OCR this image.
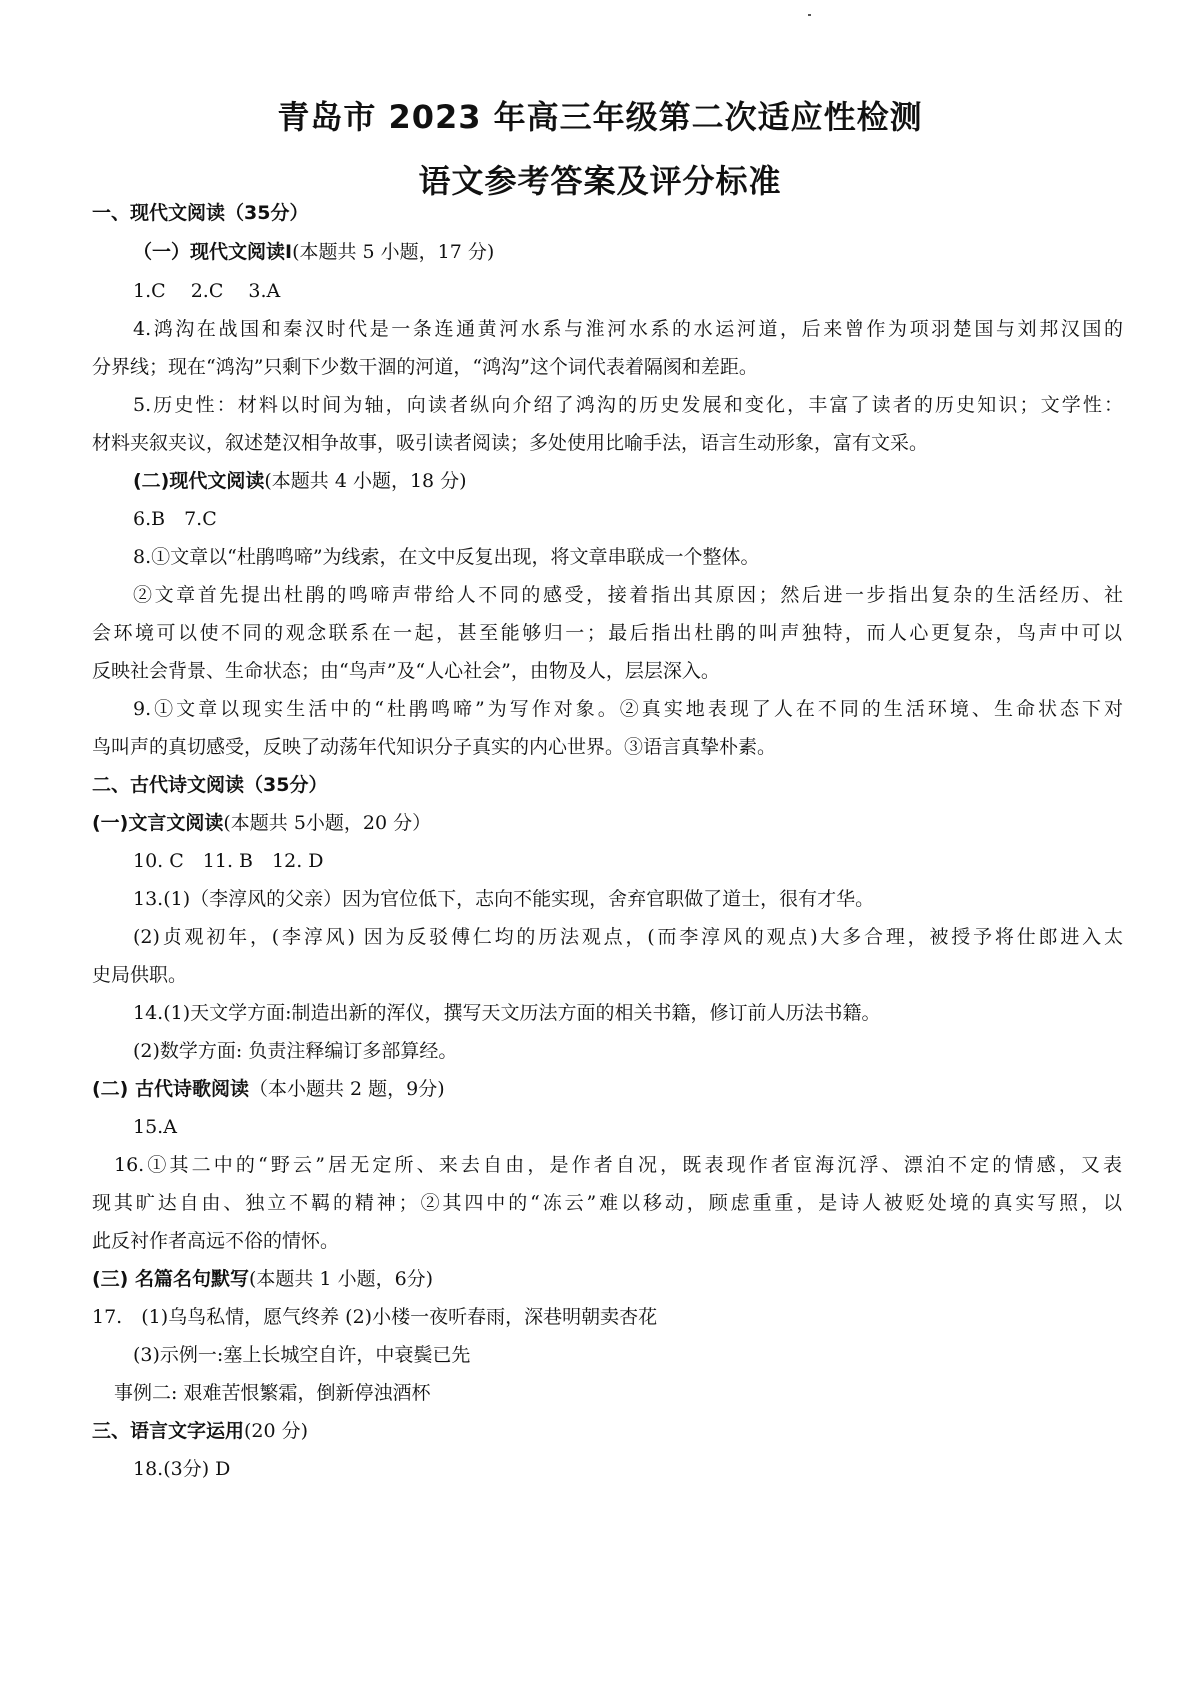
青岛市 2023 年高三年级第二次适应性检测
语文参考答案及评分标准
一、现代文阅读（35分）
（一）现代文阅读Ⅰ(本题共 5 小题，17 分)
1.C　 2.C　 3.A
4.鸿沟在战国和秦汉时代是一条连通黄河水系与淮河水系的水运河道，后来曾作为项羽楚国与刘邦汉国的
分界线；现在“鸿沟”只剩下少数干涸的河道，“鸿沟”这个词代表着隔阂和差距。
5.历史性：材料以时间为轴，向读者纵向介绍了鸿沟的历史发展和变化，丰富了读者的历史知识；文学性：
材料夹叙夹议，叙述楚汉相争故事，吸引读者阅读；多处使用比喻手法，语言生动形象，富有文采。
(二)现代文阅读(本题共 4 小题，18 分)
6.B　7.C
8.①文章以“杜鹃鸣啼”为线索，在文中反复出现，将文章串联成一个整体。
②文章首先提出杜鹃的鸣啼声带给人不同的感受，接着指出其原因；然后进一步指出复杂的生活经历、社
会环境可以使不同的观念联系在一起，甚至能够归一；最后指出杜鹃的叫声独特，而人心更复杂，鸟声中可以
反映社会背景、生命状态；由“鸟声”及“人心社会”，由物及人，层层深入。
9.①文章以现实生活中的“杜鹃鸣啼”为写作对象。②真实地表现了人在不同的生活环境、生命状态下对
鸟叫声的真切感受，反映了动荡年代知识分子真实的内心世界。③语言真挚朴素。
二、古代诗文阅读（35分）
(一)文言文阅读(本题共 5小题，20 分）
10. C　11. B　12. D
13.(1)（李淳风的父亲）因为官位低下，志向不能实现，舍弃官职做了道士，很有才华。
(2)贞观初年，(李淳风) 因为反驳傅仁均的历法观点，(而李淳风的观点)大多合理，被授予将仕郎进入太
史局供职。
14.(1)天文学方面:制造出新的浑仪，撰写天文历法方面的相关书籍，修订前人历法书籍。
(2)数学方面: 负责注释编订多部算经。
(二) 古代诗歌阅读（本小题共 2 题，9分)
15.A
16.①其二中的“野云”居无定所、来去自由，是作者自况，既表现作者宦海沉浮、漂泊不定的情感，又表
现其旷达自由、独立不羁的精神；②其四中的“冻云”难以移动，顾虑重重，是诗人被贬处境的真实写照，以
此反衬作者高远不俗的情怀。
(三) 名篇名句默写(本题共 1 小题，6分)
17.　(1)乌鸟私情，愿气终养 (2)小楼一夜听春雨，深巷明朝卖杏花
(3)示例一:塞上长城空自许，中衰鬓已先
事例二: 艰难苦恨繁霜，倒新停浊酒杯
三、语言文字运用(20 分)
18.(3分) D
